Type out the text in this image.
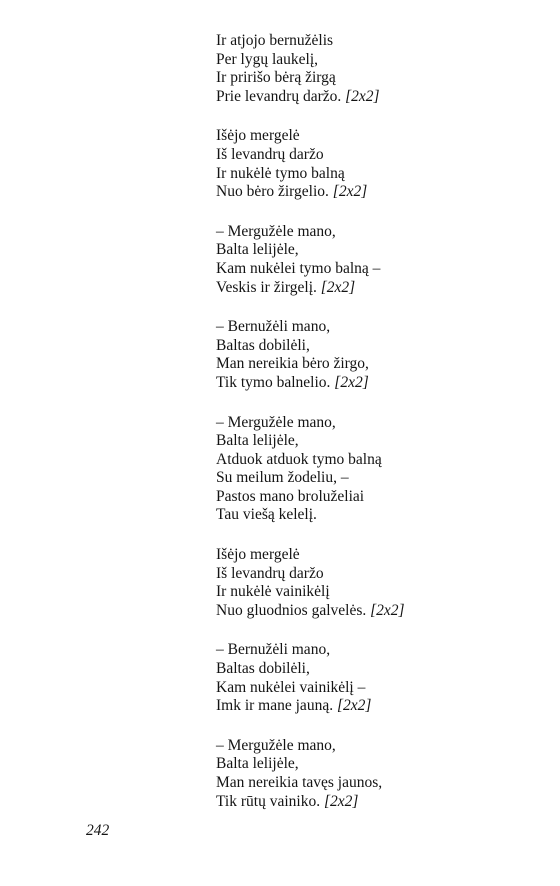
Ir atjojo bernužėlis
Per lygų laukelį,
Ir pririšo bėrą žirgą
Prie levandrų daržo. [2x2]
Išėjo mergelė
Iš levandrų daržo
Ir nukėlė tymo balną
Nuo bėro žirgelio. [2x2]
– Mergužėle mano,
Balta lelijėle,
Kam nukėlei tymo balną –
Veskis ir žirgelį. [2x2]
– Bernužėli mano,
Baltas dobilėli,
Man nereikia bėro žirgo,
Tik tymo balnelio. [2x2]
– Mergužėle mano,
Balta lelijėle,
Atduok atduok tymo balną
Su meilum žodeliu, –
Pastos mano broluželiai
Tau viešą kelelį.
Išėjo mergelė
Iš levandrų daržo
Ir nukėlė vainikėlį
Nuo gluodnios galvelės. [2x2]
– Bernužėli mano,
Baltas dobilėli,
Kam nukėlei vainikėlį –
Imk ir mane jauną. [2x2]
– Mergužėle mano,
Balta lelijėle,
Man nereikia tavęs jaunos,
Tik rūtų vainiko. [2x2]
242
